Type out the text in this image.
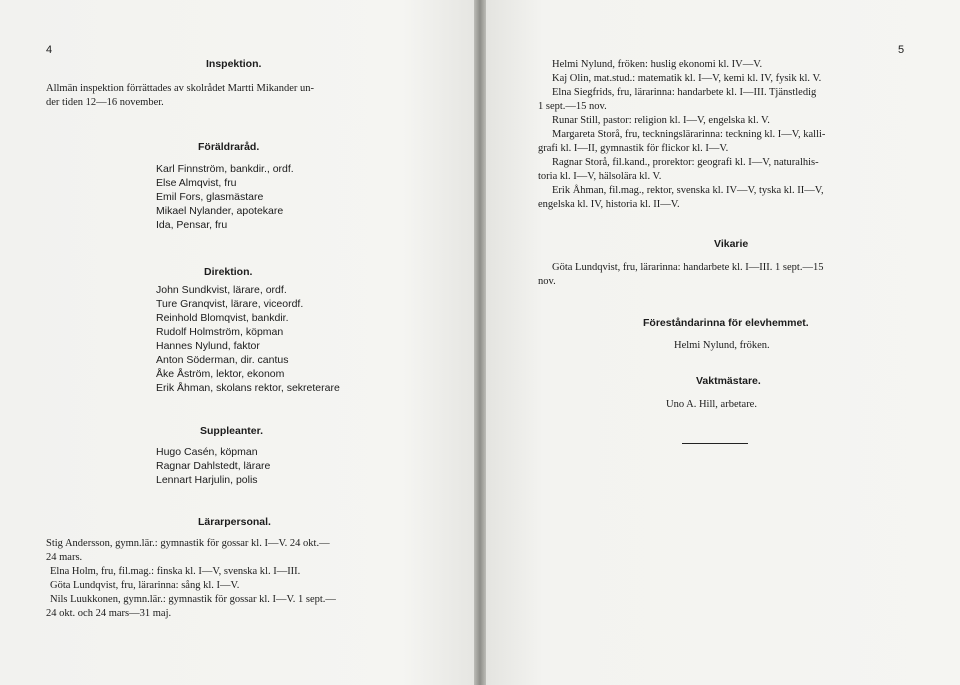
4
Inspektion.
Allmän inspektion förrättades av skolrådet Martti Mikander un-
der tiden 12—16 november.
Föräldraråd.
Karl Finnström, bankdir., ordf.
Else Almqvist, fru
Emil Fors, glasmästare
Mikael Nylander, apotekare
Ida, Pensar, fru
Direktion.
John Sundkvist, lärare, ordf.
Ture Granqvist, lärare, viceordf.
Reinhold Blomqvist, bankdir.
Rudolf Holmström, köpman
Hannes Nylund, faktor
Anton Söderman, dir. cantus
Åke Åström, lektor, ekonom
Erik Åhman, skolans rektor, sekreterare
Suppleanter.
Hugo Casén, köpman
Ragnar Dahlstedt, lärare
Lennart Harjulin, polis
Lärarpersonal.
Stig Andersson, gymn.lär.: gymnastik för gossar kl. I—V. 24 okt.—
24 mars.
Elna Holm, fru, fil.mag.: finska kl. I—V, svenska kl. I—III.
Göta Lundqvist, fru, lärarinna: sång kl. I—V.
Nils Luukkonen, gymn.lär.: gymnastik för gossar kl. I—V. 1 sept.—
24 okt. och 24 mars—31 maj.
5
Helmi Nylund, fröken: huslig ekonomi kl. IV—V.
Kaj Olin, mat.stud.: matematik kl. I—V, kemi kl. IV, fysik kl. V.
Elna Siegfrids, fru, lärarinna: handarbete kl. I—III. Tjänstledig
1 sept.—15 nov.
Runar Still, pastor: religion kl. I—V, engelska kl. V.
Margareta Storå, fru, teckningslärarinna: teckning kl. I—V, kalli-
grafi kl. I—II, gymnastik för flickor kl. I—V.
Ragnar Storå, fil.kand., prorektor: geografi kl. I—V, naturalhis-
toria kl. I—V, hälsolära kl. V.
Erik Åhman, fil.mag., rektor, svenska kl. IV—V, tyska kl. II—V,
engelska kl. IV, historia kl. II—V.
Vikarie
Göta Lundqvist, fru, lärarinna: handarbete kl. I—III. 1 sept.—15
nov.
Föreståndarinna för elevhemmet.
Helmi Nylund, fröken.
Vaktmästare.
Uno A. Hill, arbetare.
